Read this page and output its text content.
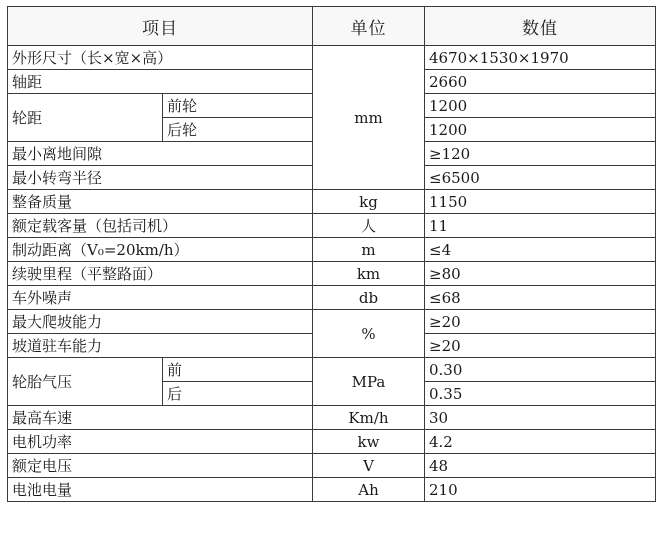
项目		单位	数值
外形尺寸（长×宽×高）		mm	4670×1530×1970
轴距			2660
轮距	前轮		1200
	后轮		1200
最小离地间隙			≥120
最小转弯半径			≤6500
整备质量		kg	1150
额定载客量（包括司机）		人	11
制动距离（V₀=20km/h）		m	≤4
续驶里程（平整路面）		km	≥80
车外噪声		db	≤68
最大爬坡能力		%	≥20
坡道驻车能力			≥20
轮胎气压	前	MPa	0.30
	后		0.35
最高车速		Km/h	30
电机功率		kw	4.2
额定电压		V	48
电池电量		Ah	210
